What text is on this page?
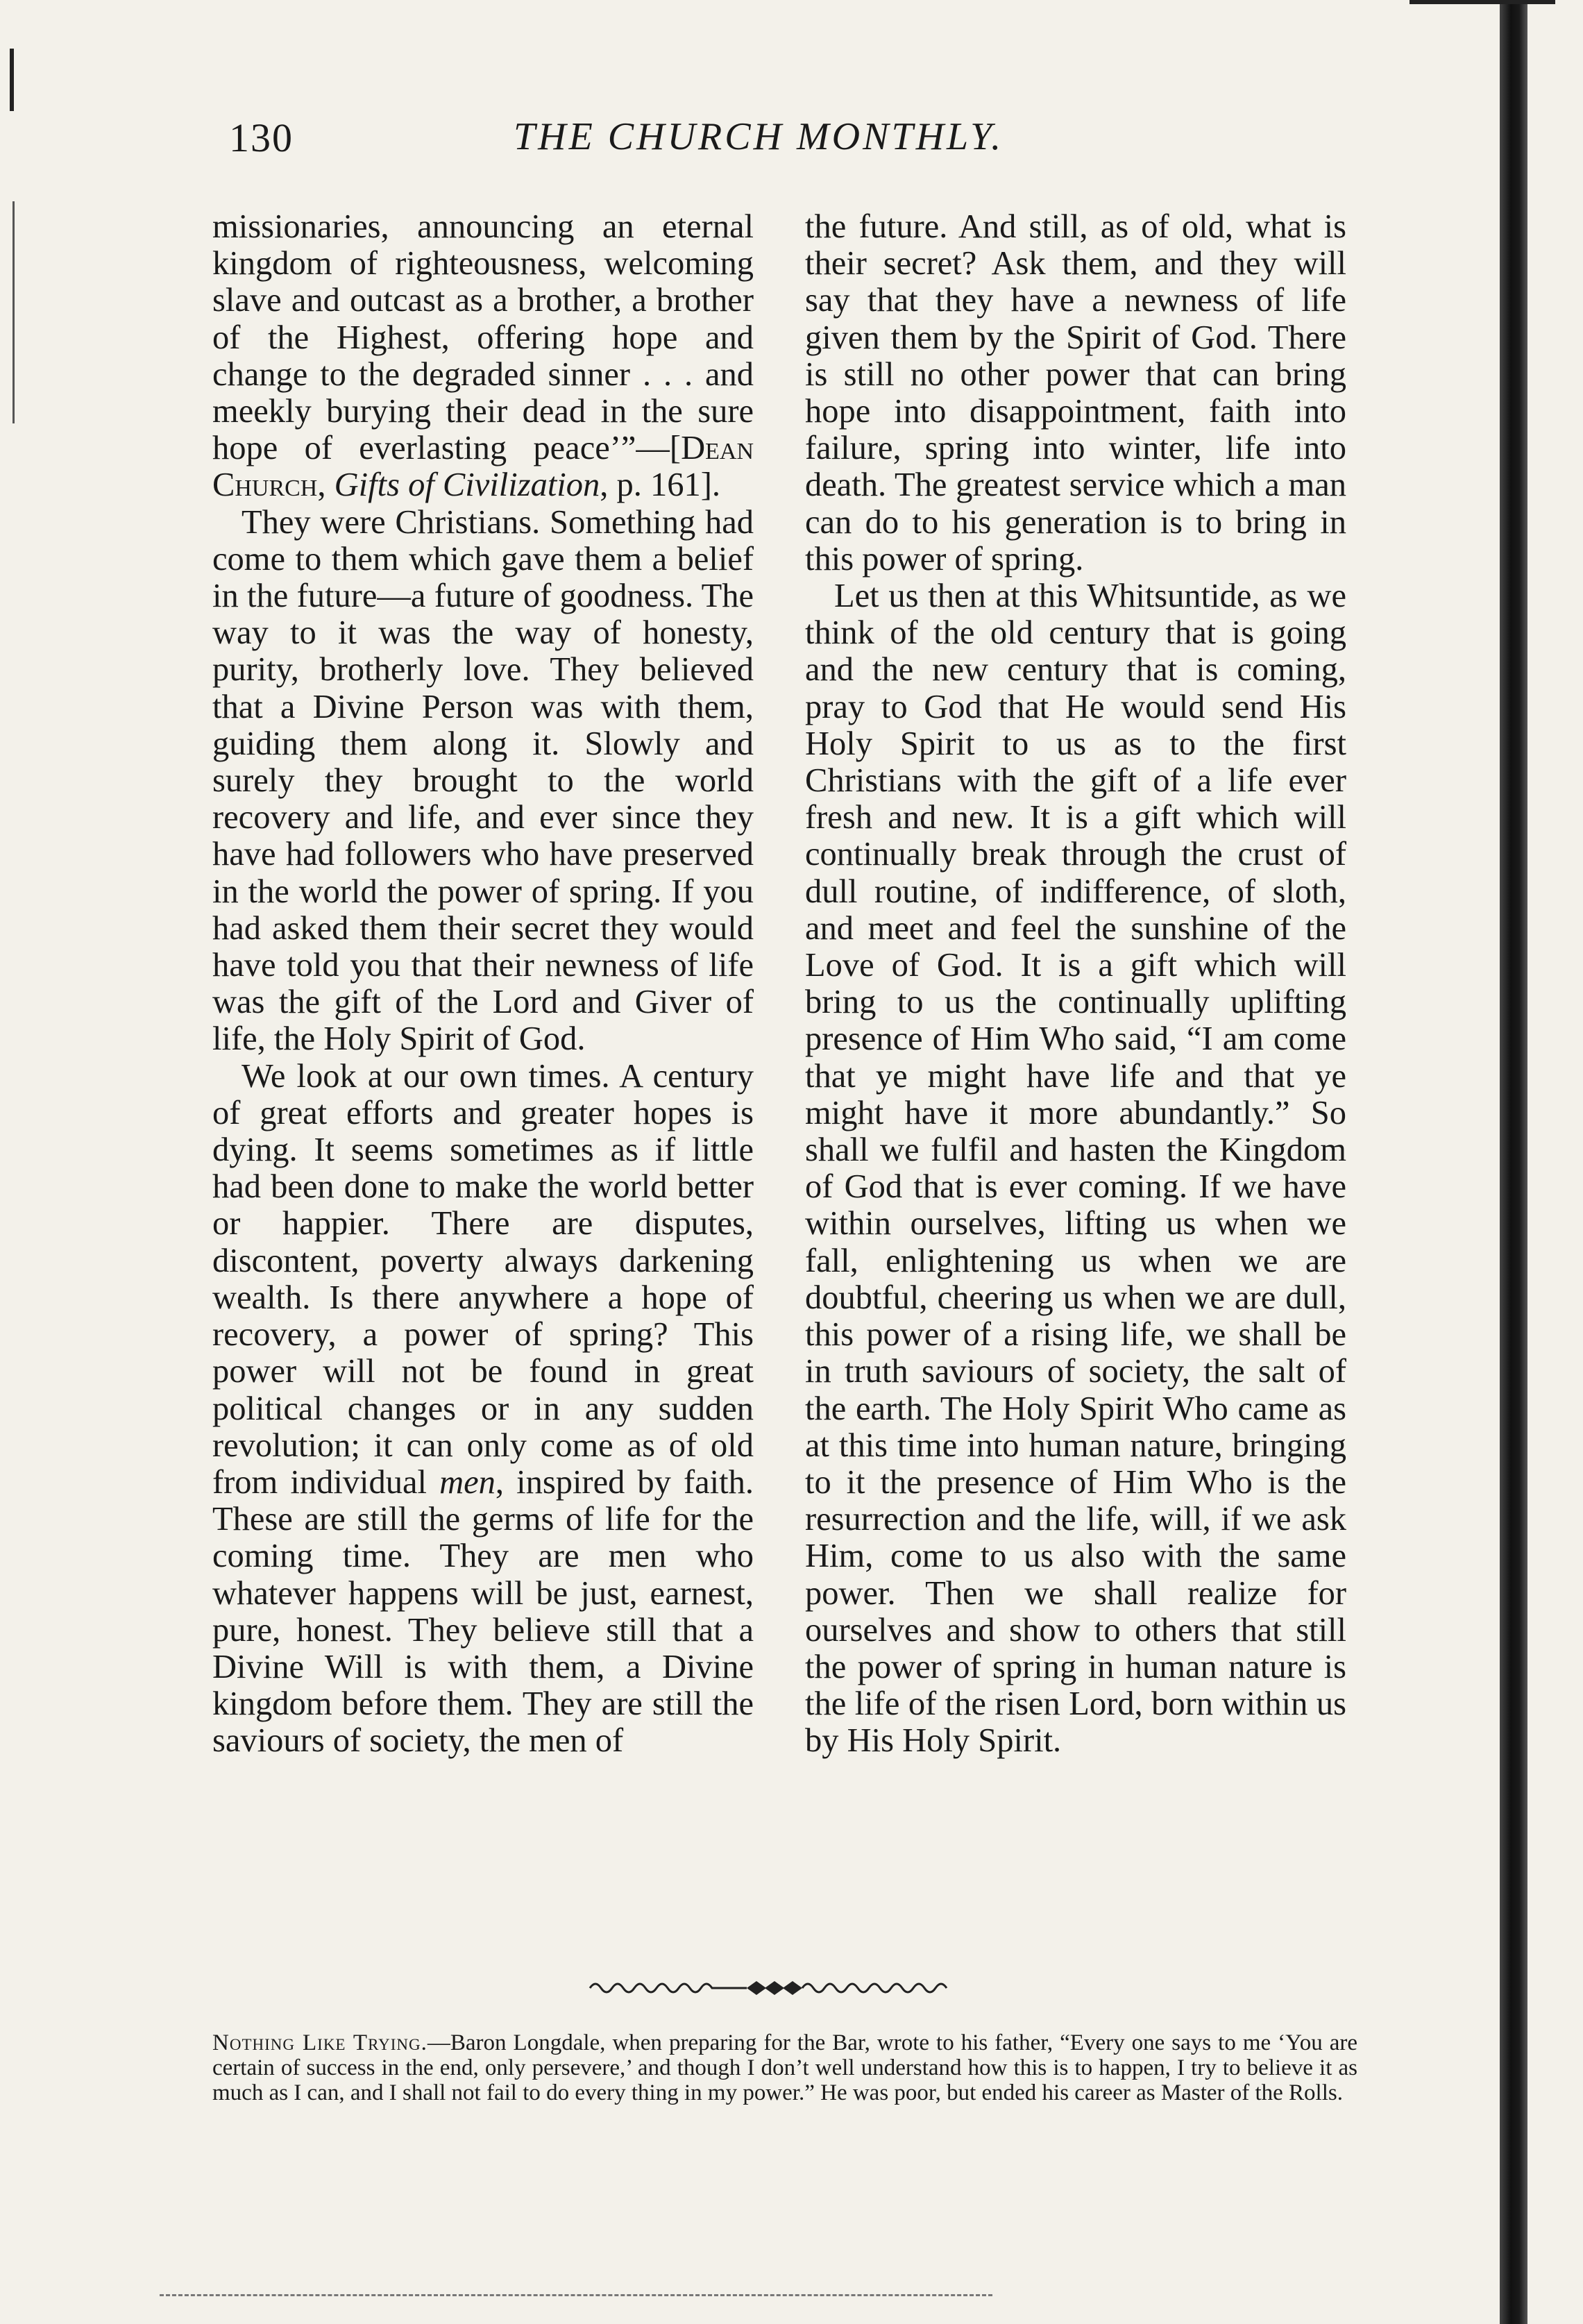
130	THE CHURCH MONTHLY.

missionaries, announcing an eternal kingdom of righteousness, welcoming slave and outcast as a brother, a brother of the Highest, offering hope and change to the degraded sinner . . . and meekly burying their dead in the sure hope of everlasting peace’”—[Dean Church, Gifts of Civilization, p. 161].

They were Christians. Something had come to them which gave them a belief in the future—a future of goodness. The way to it was the way of honesty, purity, brotherly love. They believed that a Divine Person was with them, guiding them along it. Slowly and surely they brought to the world recovery and life, and ever since they have had followers who have preserved in the world the power of spring. If you had asked them their secret they would have told you that their newness of life was the gift of the Lord and Giver of life, the Holy Spirit of God.

We look at our own times. A century of great efforts and greater hopes is dying. It seems sometimes as if little had been done to make the world better or happier. There are disputes, discontent, poverty always darkening wealth. Is there anywhere a hope of recovery, a power of spring? This power will not be found in great political changes or in any sudden revolution; it can only come as of old from individual men, inspired by faith. These are still the germs of life for the coming time. They are men who whatever happens will be just, earnest, pure, honest. They believe still that a Divine Will is with them, a Divine kingdom before them. They are still the saviours of society, the men of

the future. And still, as of old, what is their secret? Ask them, and they will say that they have a newness of life given them by the Spirit of God. There is still no other power that can bring hope into disappointment, faith into failure, spring into winter, life into death. The greatest service which a man can do to his generation is to bring in this power of spring.

Let us then at this Whitsuntide, as we think of the old century that is going and the new century that is coming, pray to God that He would send His Holy Spirit to us as to the first Christians with the gift of a life ever fresh and new. It is a gift which will continually break through the crust of dull routine, of indifference, of sloth, and meet and feel the sunshine of the Love of God. It is a gift which will bring to us the continually uplifting presence of Him Who said, “I am come that ye might have life and that ye might have it more abundantly.” So shall we fulfil and hasten the Kingdom of God that is ever coming. If we have within ourselves, lifting us when we fall, enlightening us when we are doubtful, cheering us when we are dull, this power of a rising life, we shall be in truth saviours of society, the salt of the earth. The Holy Spirit Who came as at this time into human nature, bringing to it the presence of Him Who is the resurrection and the life, will, if we ask Him, come to us also with the same power. Then we shall realize for ourselves and show to others that still the power of spring in human nature is the life of the risen Lord, born within us by His Holy Spirit.

Nothing Like Trying.—Baron Longdale, when preparing for the Bar, wrote to his father, “Every one says to me ‘You are certain of success in the end, only persevere,’ and though I don’t well understand how this is to happen, I try to believe it as much as I can, and I shall not fail to do every thing in my power.” He was poor, but ended his career as Master of the Rolls.
